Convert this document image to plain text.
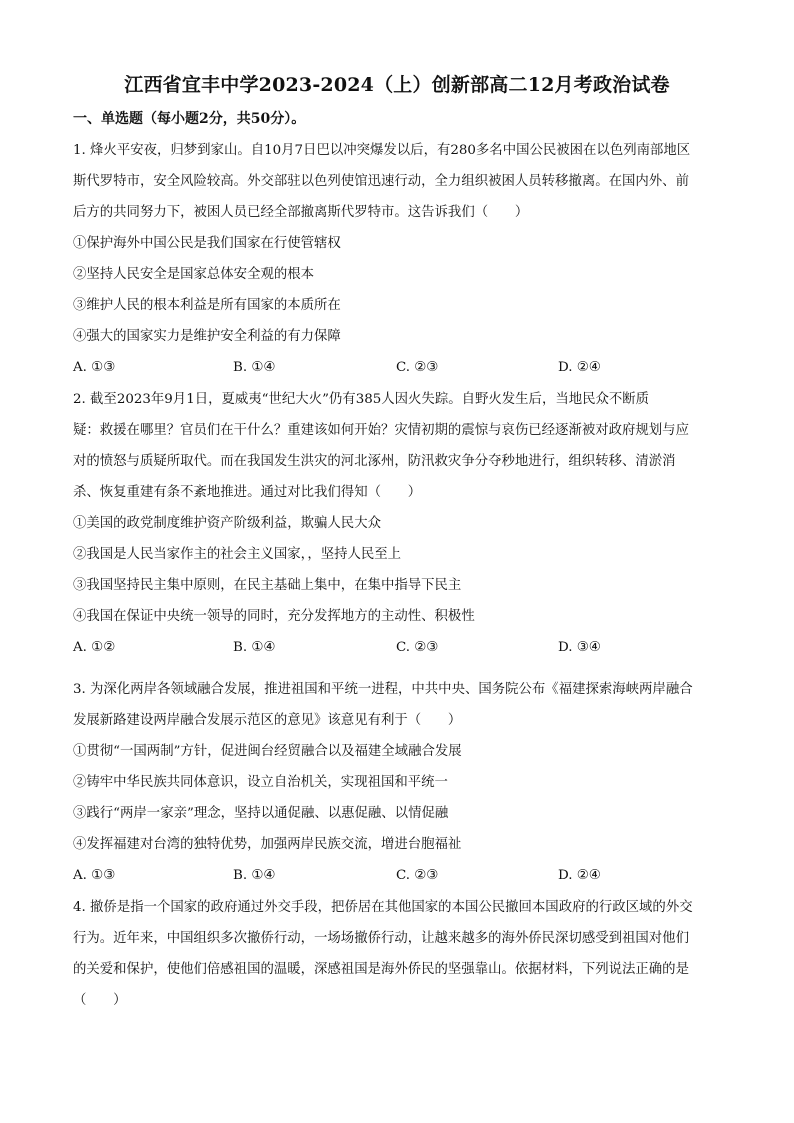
江西省宜丰中学2023-2024（上）创新部高二12月考政治试卷
一、单选题（每小题2分，共50分）。
1. 烽火平安夜，归梦到家山。自10月7日巴以冲突爆发以后，有280多名中国公民被困在以色列南部地区
斯代罗特市，安全风险较高。外交部驻以色列使馆迅速行动，全力组织被困人员转移撤离。在国内外、前
后方的共同努力下，被困人员已经全部撤离斯代罗特市。这告诉我们（　　）
①保护海外中国公民是我们国家在行使管辖权
②坚持人民安全是国家总体安全观的根本
③维护人民的根本利益是所有国家的本质所在
④强大的国家实力是维护安全利益的有力保障
A. ①③	B. ①④	C. ②③	D. ②④
2. 截至2023年9月1日，夏威夷“世纪大火”仍有385人因火失踪。自野火发生后，当地民众不断质
疑：救援在哪里？官员们在干什么？重建该如何开始？灾情初期的震惊与哀伤已经逐渐被对政府规划与应
对的愤怒与质疑所取代。而在我国发生洪灾的河北涿州，防汛救灾争分夺秒地进行，组织转移、清淤消
杀、恢复重建有条不紊地推进。通过对比我们得知（　　）
①美国的政党制度维护资产阶级利益，欺骗人民大众
②我国是人民当家作主的社会主义国家，，坚持人民至上
③我国坚持民主集中原则，在民主基础上集中，在集中指导下民主
④我国在保证中央统一领导的同时，充分发挥地方的主动性、积极性
A. ①②	B. ①④	C. ②③	D. ③④
3. 为深化两岸各领域融合发展，推进祖国和平统一进程，中共中央、国务院公布《福建探索海峡两岸融合
发展新路建设两岸融合发展示范区的意见》该意见有利于（　　）
①贯彻“一国两制”方针，促进闽台经贸融合以及福建全域融合发展
②铸牢中华民族共同体意识，设立自治机关，实现祖国和平统一
③践行“两岸一家亲”理念，坚持以通促融、以惠促融、以情促融
④发挥福建对台湾的独特优势，加强两岸民族交流，增进台胞福祉
A. ①③	B. ①④	C. ②③	D. ②④
4. 撤侨是指一个国家的政府通过外交手段，把侨居在其他国家的本国公民撤回本国政府的行政区域的外交
行为。近年来，中国组织多次撤侨行动，一场场撤侨行动，让越来越多的海外侨民深切感受到祖国对他们
的关爱和保护，使他们倍感祖国的温暖，深感祖国是海外侨民的坚强靠山。依据材料，下列说法正确的是
（　　）
